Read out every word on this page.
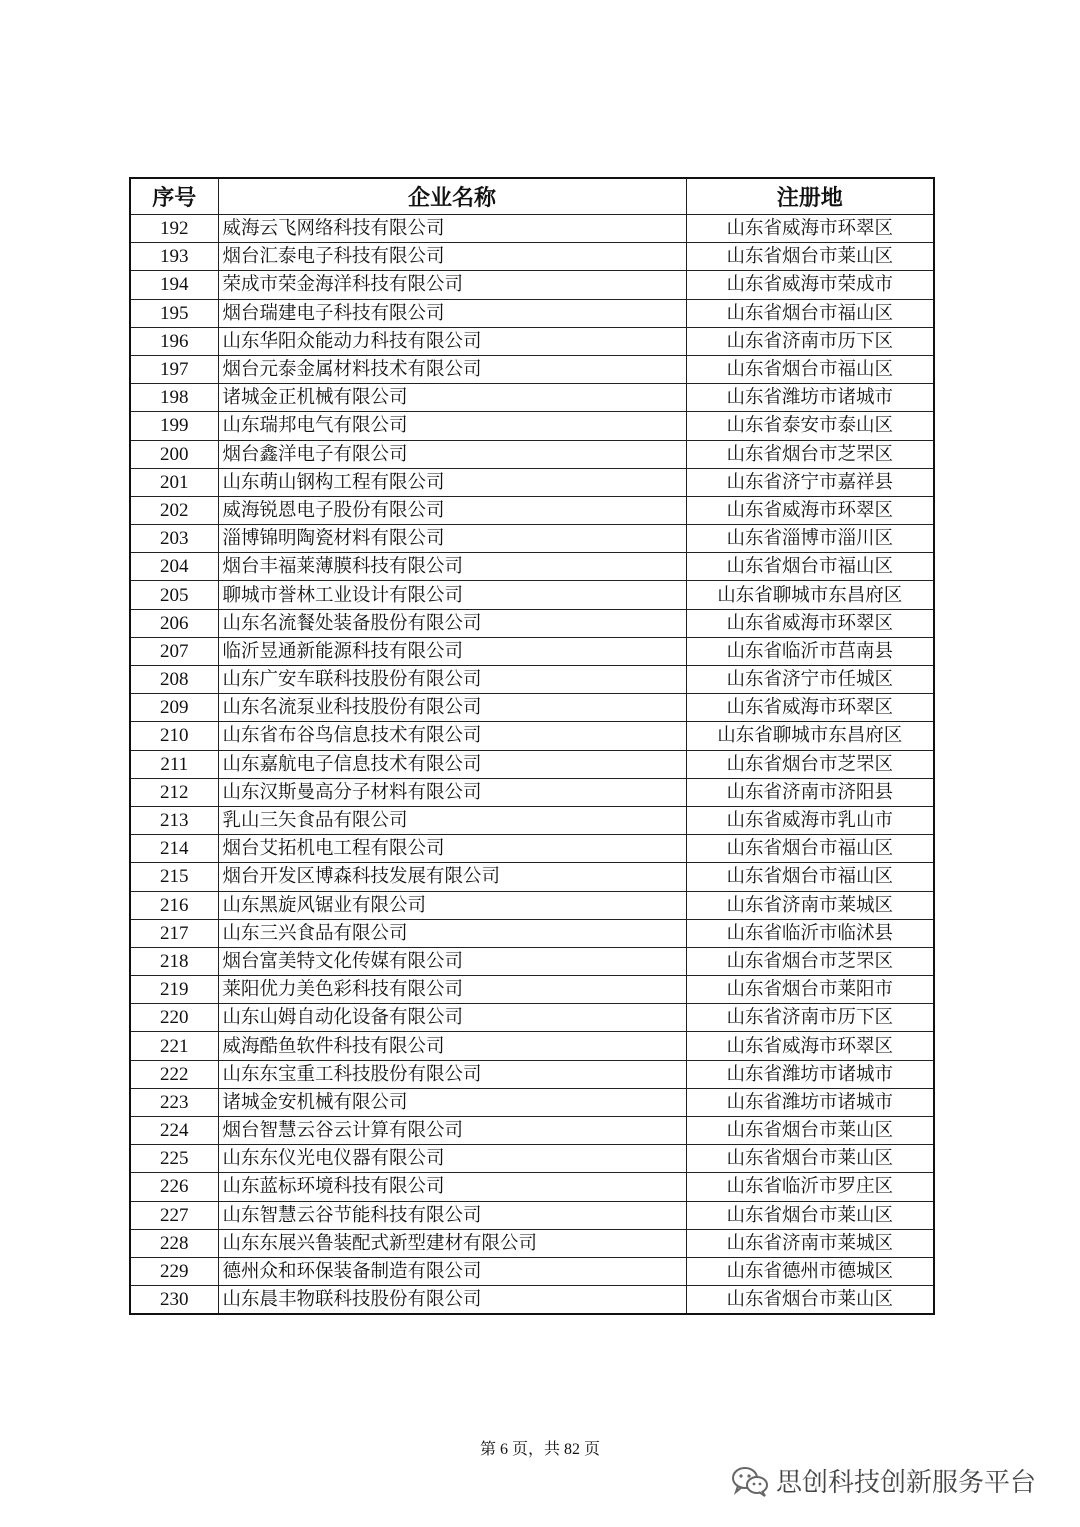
序号	企业名称	注册地
192	威海云飞网络科技有限公司	山东省威海市环翠区
193	烟台汇泰电子科技有限公司	山东省烟台市莱山区
194	荣成市荣金海洋科技有限公司	山东省威海市荣成市
195	烟台瑞建电子科技有限公司	山东省烟台市福山区
196	山东华阳众能动力科技有限公司	山东省济南市历下区
197	烟台元泰金属材料技术有限公司	山东省烟台市福山区
198	诸城金正机械有限公司	山东省潍坊市诸城市
199	山东瑞邦电气有限公司	山东省泰安市泰山区
200	烟台鑫洋电子有限公司	山东省烟台市芝罘区
201	山东萌山钢构工程有限公司	山东省济宁市嘉祥县
202	威海锐恩电子股份有限公司	山东省威海市环翠区
203	淄博锦明陶瓷材料有限公司	山东省淄博市淄川区
204	烟台丰福莱薄膜科技有限公司	山东省烟台市福山区
205	聊城市誉林工业设计有限公司	山东省聊城市东昌府区
206	山东名流餐处装备股份有限公司	山东省威海市环翠区
207	临沂昱通新能源科技有限公司	山东省临沂市莒南县
208	山东广安车联科技股份有限公司	山东省济宁市任城区
209	山东名流泵业科技股份有限公司	山东省威海市环翠区
210	山东省布谷鸟信息技术有限公司	山东省聊城市东昌府区
211	山东嘉航电子信息技术有限公司	山东省烟台市芝罘区
212	山东汉斯曼高分子材料有限公司	山东省济南市济阳县
213	乳山三矢食品有限公司	山东省威海市乳山市
214	烟台艾拓机电工程有限公司	山东省烟台市福山区
215	烟台开发区博森科技发展有限公司	山东省烟台市福山区
216	山东黑旋风锯业有限公司	山东省济南市莱城区
217	山东三兴食品有限公司	山东省临沂市临沭县
218	烟台富美特文化传媒有限公司	山东省烟台市芝罘区
219	莱阳优力美色彩科技有限公司	山东省烟台市莱阳市
220	山东山姆自动化设备有限公司	山东省济南市历下区
221	威海酷鱼软件科技有限公司	山东省威海市环翠区
222	山东东宝重工科技股份有限公司	山东省潍坊市诸城市
223	诸城金安机械有限公司	山东省潍坊市诸城市
224	烟台智慧云谷云计算有限公司	山东省烟台市莱山区
225	山东东仪光电仪器有限公司	山东省烟台市莱山区
226	山东蓝标环境科技有限公司	山东省临沂市罗庄区
227	山东智慧云谷节能科技有限公司	山东省烟台市莱山区
228	山东东展兴鲁装配式新型建材有限公司	山东省济南市莱城区
229	德州众和环保装备制造有限公司	山东省德州市德城区
230	山东晨丰物联科技股份有限公司	山东省烟台市莱山区
第 6 页，共 82 页
思创科技创新服务平台
